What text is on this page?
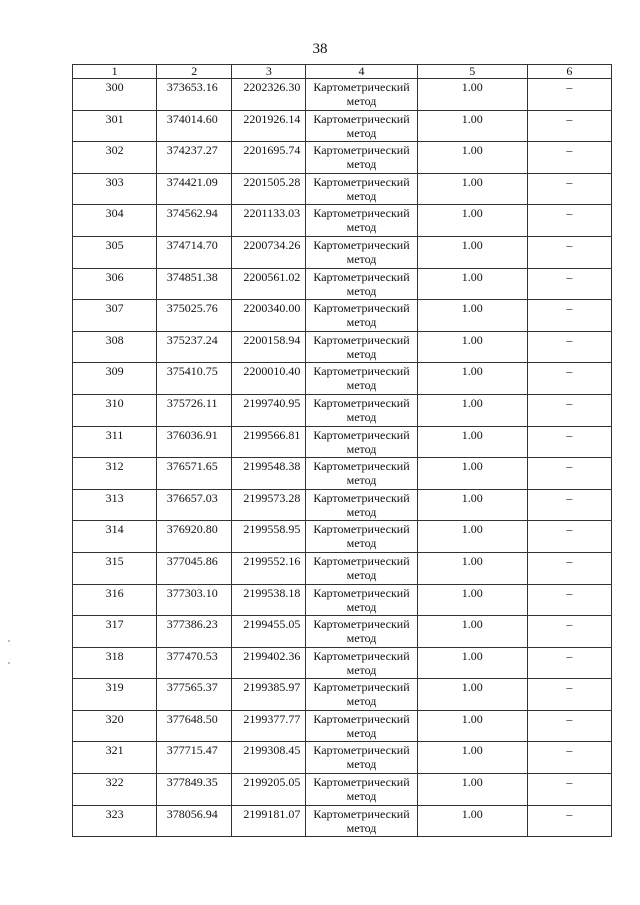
38
1	2	3	4	5	6
300	373653.16	2202326.30	Картометрический метод	1.00	–
301	374014.60	2201926.14	Картометрический метод	1.00	–
302	374237.27	2201695.74	Картометрический метод	1.00	–
303	374421.09	2201505.28	Картометрический метод	1.00	–
304	374562.94	2201133.03	Картометрический метод	1.00	–
305	374714.70	2200734.26	Картометрический метод	1.00	–
306	374851.38	2200561.02	Картометрический метод	1.00	–
307	375025.76	2200340.00	Картометрический метод	1.00	–
308	375237.24	2200158.94	Картометрический метод	1.00	–
309	375410.75	2200010.40	Картометрический метод	1.00	–
310	375726.11	2199740.95	Картометрический метод	1.00	–
311	376036.91	2199566.81	Картометрический метод	1.00	–
312	376571.65	2199548.38	Картометрический метод	1.00	–
313	376657.03	2199573.28	Картометрический метод	1.00	–
314	376920.80	2199558.95	Картометрический метод	1.00	–
315	377045.86	2199552.16	Картометрический метод	1.00	–
316	377303.10	2199538.18	Картометрический метод	1.00	–
317	377386.23	2199455.05	Картометрический метод	1.00	–
318	377470.53	2199402.36	Картометрический метод	1.00	–
319	377565.37	2199385.97	Картометрический метод	1.00	–
320	377648.50	2199377.77	Картометрический метод	1.00	–
321	377715.47	2199308.45	Картометрический метод	1.00	–
322	377849.35	2199205.05	Картометрический метод	1.00	–
323	378056.94	2199181.07	Картометрический метод	1.00	–
